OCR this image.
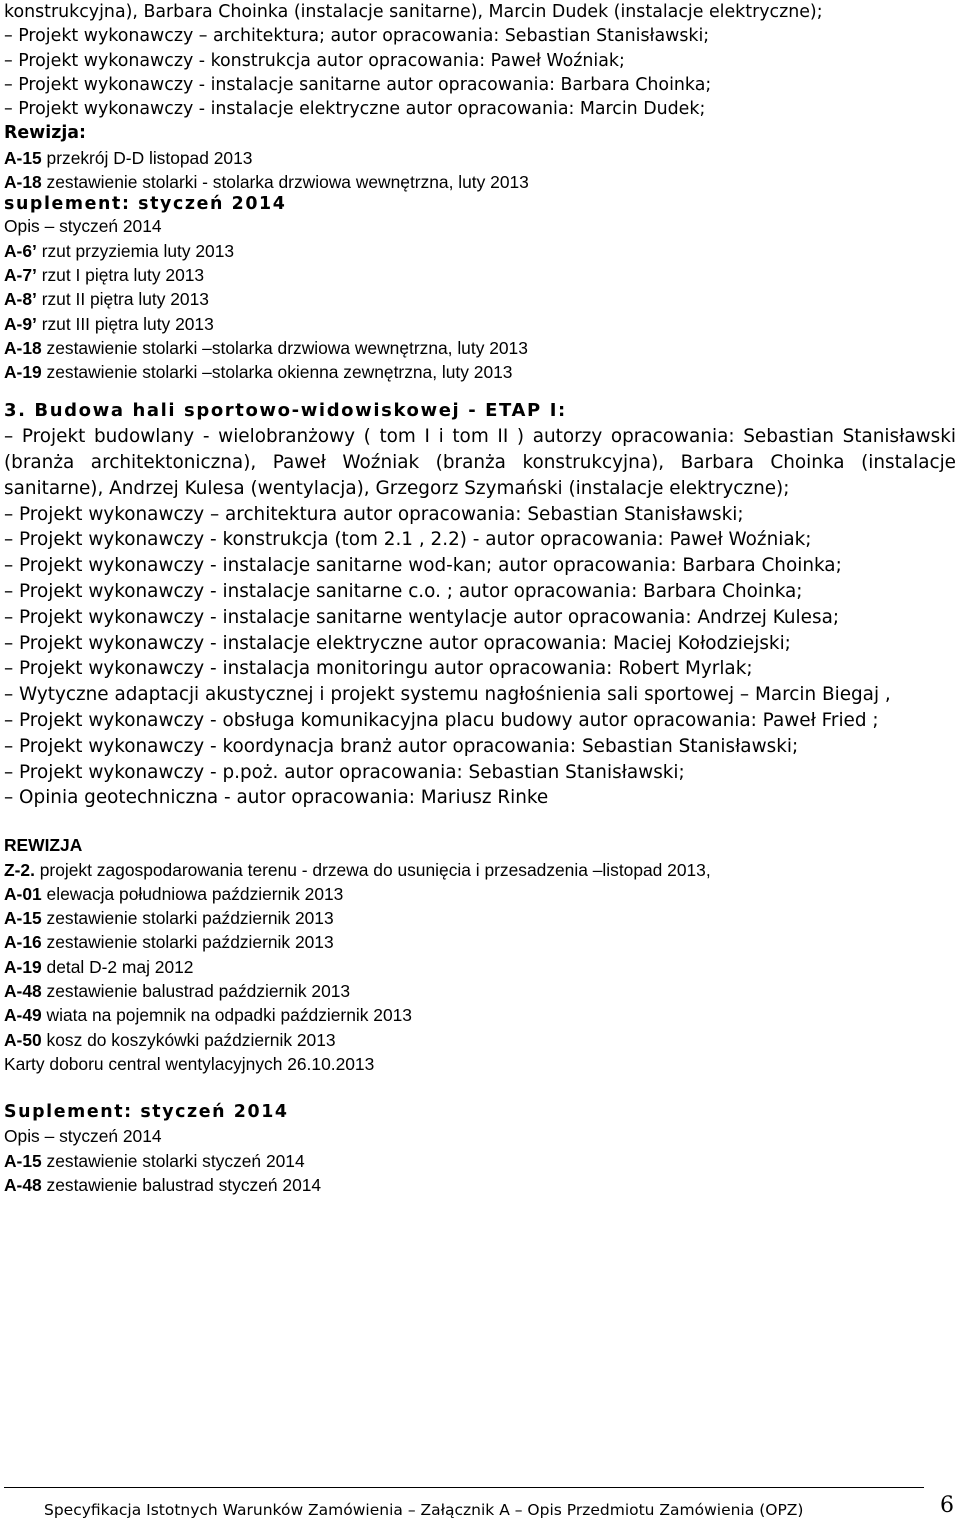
konstrukcyjna), Barbara Choinka (instalacje sanitarne), Marcin Dudek (instalacje elektryczne);
– Projekt wykonawczy – architektura; autor opracowania: Sebastian Stanisławski;
– Projekt wykonawczy - konstrukcja autor opracowania: Paweł Woźniak;
– Projekt wykonawczy - instalacje sanitarne autor opracowania: Barbara Choinka;
– Projekt wykonawczy - instalacje elektryczne autor opracowania: Marcin Dudek;
Rewizja:
A-15 przekrój D-D listopad 2013
A-18 zestawienie stolarki - stolarka drzwiowa wewnętrzna, luty 2013
suplement: styczeń 2014
Opis – styczeń 2014
A-6’ rzut przyziemia luty 2013
A-7’ rzut I piętra luty 2013
A-8’ rzut II piętra luty 2013
A-9’ rzut III piętra luty 2013
A-18 zestawienie stolarki –stolarka drzwiowa wewnętrzna, luty 2013
A-19 zestawienie stolarki –stolarka okienna zewnętrzna, luty 2013
3. Budowa hali sportowo-widowiskowej - ETAP I:
– Projekt budowlany - wielobranżowy ( tom I i tom II ) autorzy opracowania: Sebastian Stanisławski (branża architektoniczna), Paweł Woźniak (branża konstrukcyjna), Barbara Choinka (instalacje sanitarne), Andrzej Kulesa (wentylacja), Grzegorz Szymański (instalacje elektryczne);
– Projekt wykonawczy – architektura autor opracowania: Sebastian Stanisławski;
– Projekt wykonawczy - konstrukcja (tom 2.1 , 2.2) - autor opracowania: Paweł Woźniak;
– Projekt wykonawczy - instalacje sanitarne wod-kan; autor opracowania: Barbara Choinka;
– Projekt wykonawczy - instalacje sanitarne c.o. ; autor opracowania: Barbara Choinka;
– Projekt wykonawczy - instalacje sanitarne wentylacje autor opracowania: Andrzej Kulesa;
– Projekt wykonawczy - instalacje elektryczne autor opracowania: Maciej Kołodziejski;
– Projekt wykonawczy - instalacja monitoringu autor opracowania: Robert Myrlak;
– Wytyczne adaptacji akustycznej i projekt systemu nagłośnienia sali sportowej – Marcin Biegaj ,
– Projekt wykonawczy - obsługa komunikacyjna placu budowy autor opracowania: Paweł Fried ;
– Projekt wykonawczy - koordynacja branż autor opracowania: Sebastian Stanisławski;
– Projekt wykonawczy - p.poż. autor opracowania: Sebastian Stanisławski;
– Opinia geotechniczna - autor opracowania: Mariusz Rinke
REWIZJA
Z-2. projekt zagospodarowania terenu - drzewa do usunięcia i przesadzenia –listopad 2013,
A-01 elewacja południowa październik 2013
A-15 zestawienie stolarki październik 2013
A-16 zestawienie stolarki październik 2013
A-19 detal D-2 maj 2012
A-48 zestawienie balustrad październik 2013
A-49 wiata na pojemnik na odpadki październik 2013
A-50 kosz do koszykówki październik 2013
Karty doboru central wentylacyjnych 26.10.2013
Suplement: styczeń 2014
Opis – styczeń 2014
A-15 zestawienie stolarki styczeń 2014
A-48 zestawienie balustrad styczeń 2014
Specyfikacja Istotnych Warunków Zamówienia – Załącznik A – Opis Przedmiotu Zamówienia (OPZ)	6
